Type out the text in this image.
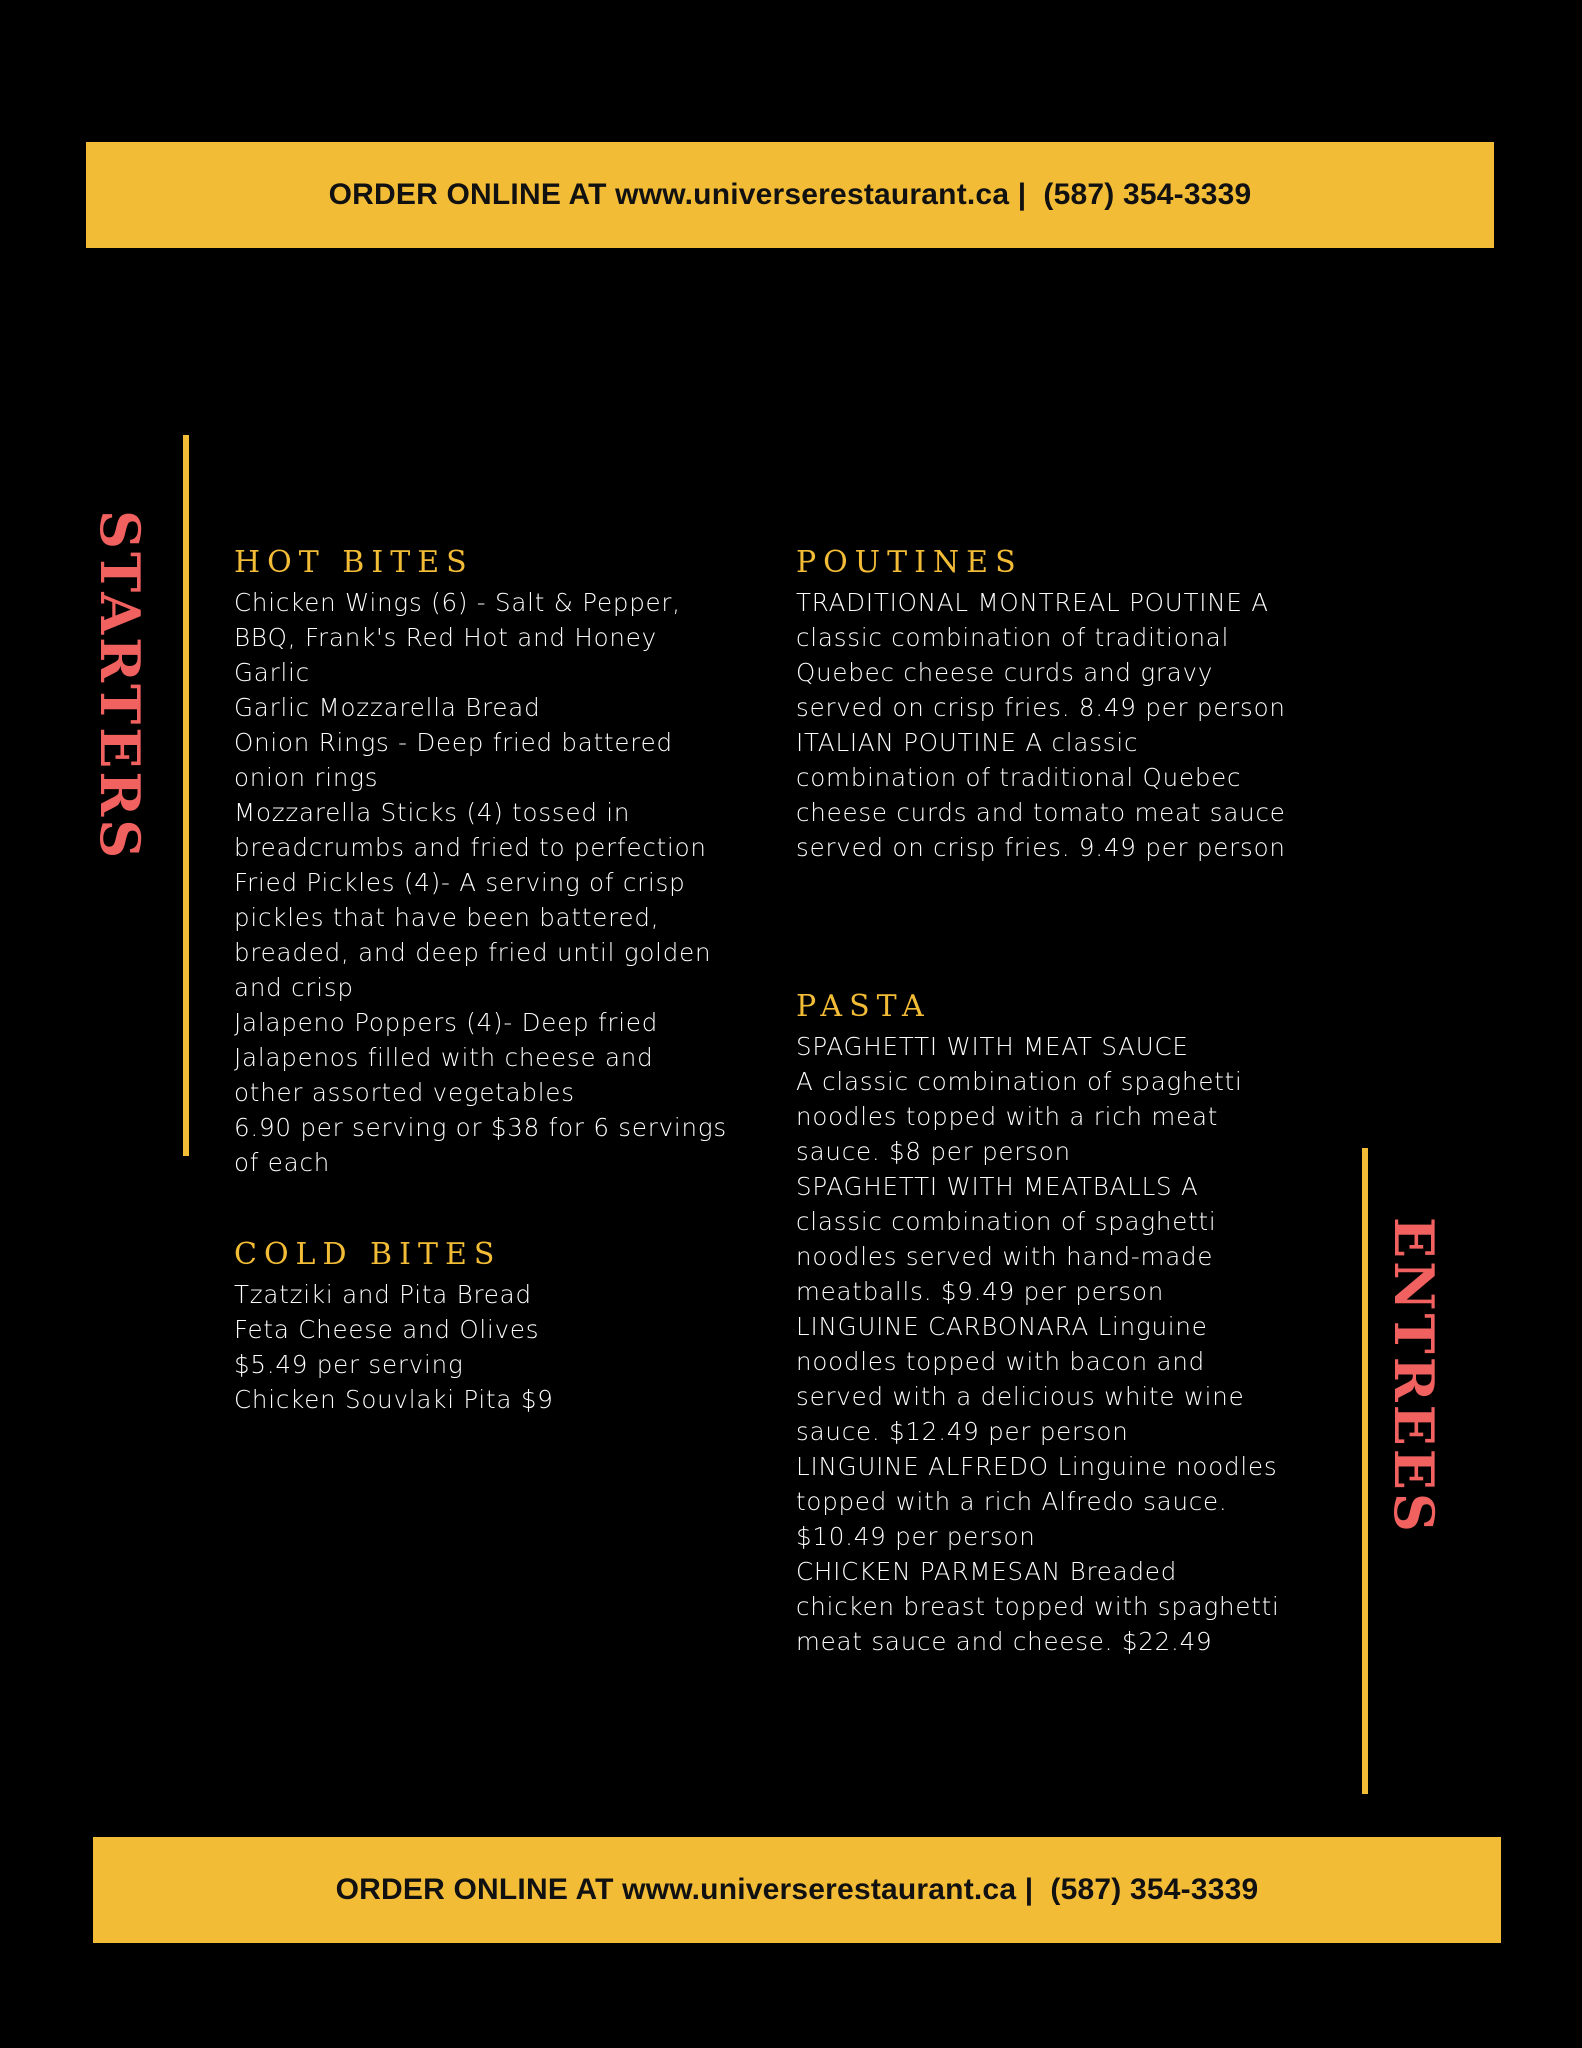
ORDER ONLINE AT www.universerestaurant.ca |  (587) 354-3339
STARTERS	HOT BITES
Chicken Wings (6) - Salt & Pepper,
BBQ, Frank's Red Hot and Honey
Garlic
Garlic Mozzarella Bread
Onion Rings - Deep fried battered
onion rings
Mozzarella Sticks (4) tossed in
breadcrumbs and fried to perfection
Fried Pickles (4)- A serving of crisp
pickles that have been battered,
breaded, and deep fried until golden
and crisp
Jalapeno Poppers (4)- Deep fried
Jalapenos filled with cheese and
other assorted vegetables
6.90 per serving or $38 for 6 servings
of each
COLD BITES
Tzatziki and Pita Bread
Feta Cheese and Olives
$5.49 per serving
Chicken Souvlaki Pita $9
POUTINES
TRADITIONAL MONTREAL POUTINE A
classic combination of traditional
Quebec cheese curds and gravy
served on crisp fries. 8.49 per person
ITALIAN POUTINE A classic
combination of traditional Quebec
cheese curds and tomato meat sauce
served on crisp fries. 9.49 per person
PASTA
SPAGHETTI WITH MEAT SAUCE
A classic combination of spaghetti
noodles topped with a rich meat
sauce. $8 per person
SPAGHETTI WITH MEATBALLS A
classic combination of spaghetti
noodles served with hand-made
meatballs. $9.49 per person
LINGUINE CARBONARA Linguine
noodles topped with bacon and
served with a delicious white wine
sauce. $12.49 per person
LINGUINE ALFREDO Linguine noodles
topped with a rich Alfredo sauce.
$10.49 per person
CHICKEN PARMESAN Breaded
chicken breast topped with spaghetti
meat sauce and cheese. $22.49
ENTREES
ORDER ONLINE AT www.universerestaurant.ca |  (587) 354-3339
